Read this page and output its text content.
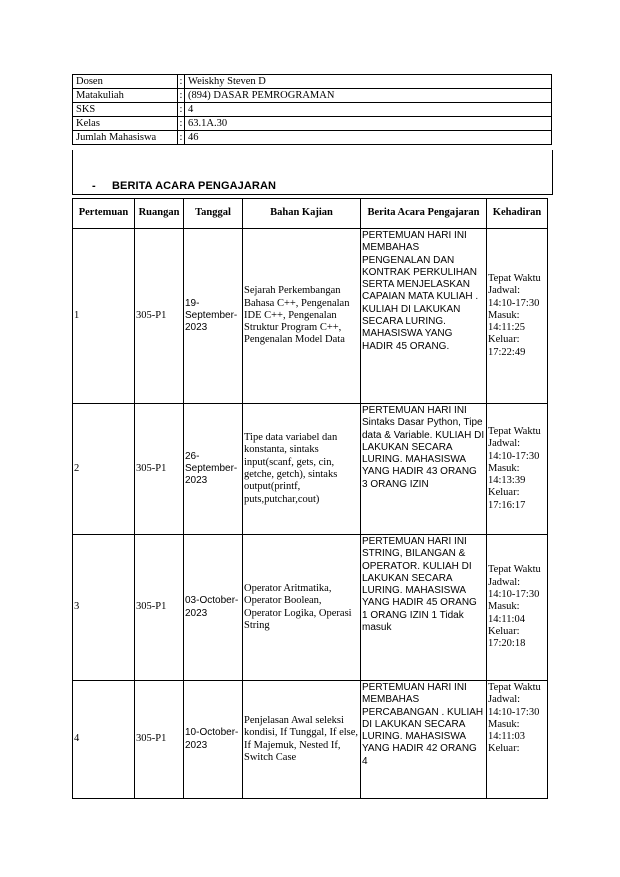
Dosen	:	Weiskhy Steven D
Matakuliah	:	(894) DASAR PEMROGRAMAN
SKS	:	4
Kelas	:	63.1A.30
Jumlah Mahasiswa	:	46
- BERITA ACARA PENGAJARAN
Pertemuan	Ruangan	Tanggal	Bahan Kajian	Berita Acara Pengajaran	Kehadiran
1	305-P1	19-September-2023	Sejarah Perkembangan Bahasa C++, Pengenalan IDE C++, Pengenalan Struktur Program C++, Pengenalan Model Data	PERTEMUAN HARI INI MEMBAHAS PENGENALAN DAN KONTRAK PERKULIHAN SERTA MENJELASKAN CAPAIAN MATA KULIAH . KULIAH DI LAKUKAN SECARA LURING. MAHASISWA YANG HADIR 45 ORANG.	Tepat Waktu Jadwal: 14:10-17:30 Masuk: 14:11:25 Keluar: 17:22:49
2	305-P1	26-September-2023	Tipe data variabel dan konstanta, sintaks input(scanf, gets, cin, getche, getch), sintaks output(printf, puts,putchar,cout)	PERTEMUAN HARI INI Sintaks Dasar Python, Tipe data & Variable. KULIAH DI LAKUKAN SECARA LURING. MAHASISWA YANG HADIR 43 ORANG 3 ORANG IZIN	Tepat Waktu Jadwal: 14:10-17:30 Masuk: 14:13:39 Keluar: 17:16:17
3	305-P1	03-October-2023	Operator Aritmatika, Operator Boolean, Operator Logika, Operasi String	PERTEMUAN HARI INI STRING, BILANGAN & OPERATOR. KULIAH DI LAKUKAN SECARA LURING. MAHASISWA YANG HADIR 45 ORANG 1 ORANG IZIN 1 Tidak masuk	Tepat Waktu Jadwal: 14:10-17:30 Masuk: 14:11:04 Keluar: 17:20:18
4	305-P1	10-October-2023	Penjelasan Awal seleksi kondisi, If Tunggal, If else, If Majemuk, Nested If, Switch Case	PERTEMUAN HARI INI MEMBAHAS PERCABANGAN . KULIAH DI LAKUKAN SECARA LURING. MAHASISWA YANG HADIR 42 ORANG 4	Tepat Waktu Jadwal: 14:10-17:30 Masuk: 14:11:03 Keluar:
